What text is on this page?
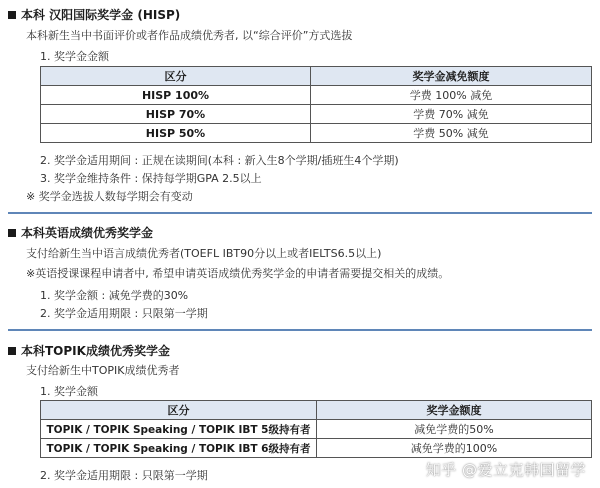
本科 汉阳国际奖学金 (HISP)
本科新生当中书面评价或者作品成绩优秀者, 以“综合评价”方式选拔
1. 奖学金金额
区分	奖学金减免额度
HISP 100%	学费 100% 减免
HISP 70%	学费 70% 减免
HISP 50%	学费 50% 减免
2. 奖学金适用期间 : 正规在读期间(本科 : 新入生8个学期/插班生4个学期)
3. 奖学金维持条件 : 保持每学期GPA 2.5以上
※ 奖学金选拔人数每学期会有变动
本科英语成绩优秀奖学金
支付给新生当中语言成绩优秀者(TOEFL IBT90分以上或者IELTS6.5以上)
※英语授课课程申请者中, 希望申请英语成绩优秀奖学金的申请者需要提交相关的成绩。
1. 奖学金额 : 减免学费的30%
2. 奖学金适用期限 : 只限第一学期
本科TOPIK成绩优秀奖学金
支付给新生中TOPIK成绩优秀者
1. 奖学金额
区分	奖学金额度
TOPIK / TOPIK Speaking / TOPIK IBT 5级持有者	减免学费的50%
TOPIK / TOPIK Speaking / TOPIK IBT 6级持有者	减免学费的100%
2. 奖学金适用期限 : 只限第一学期	知乎 @爱立克韩国留学
